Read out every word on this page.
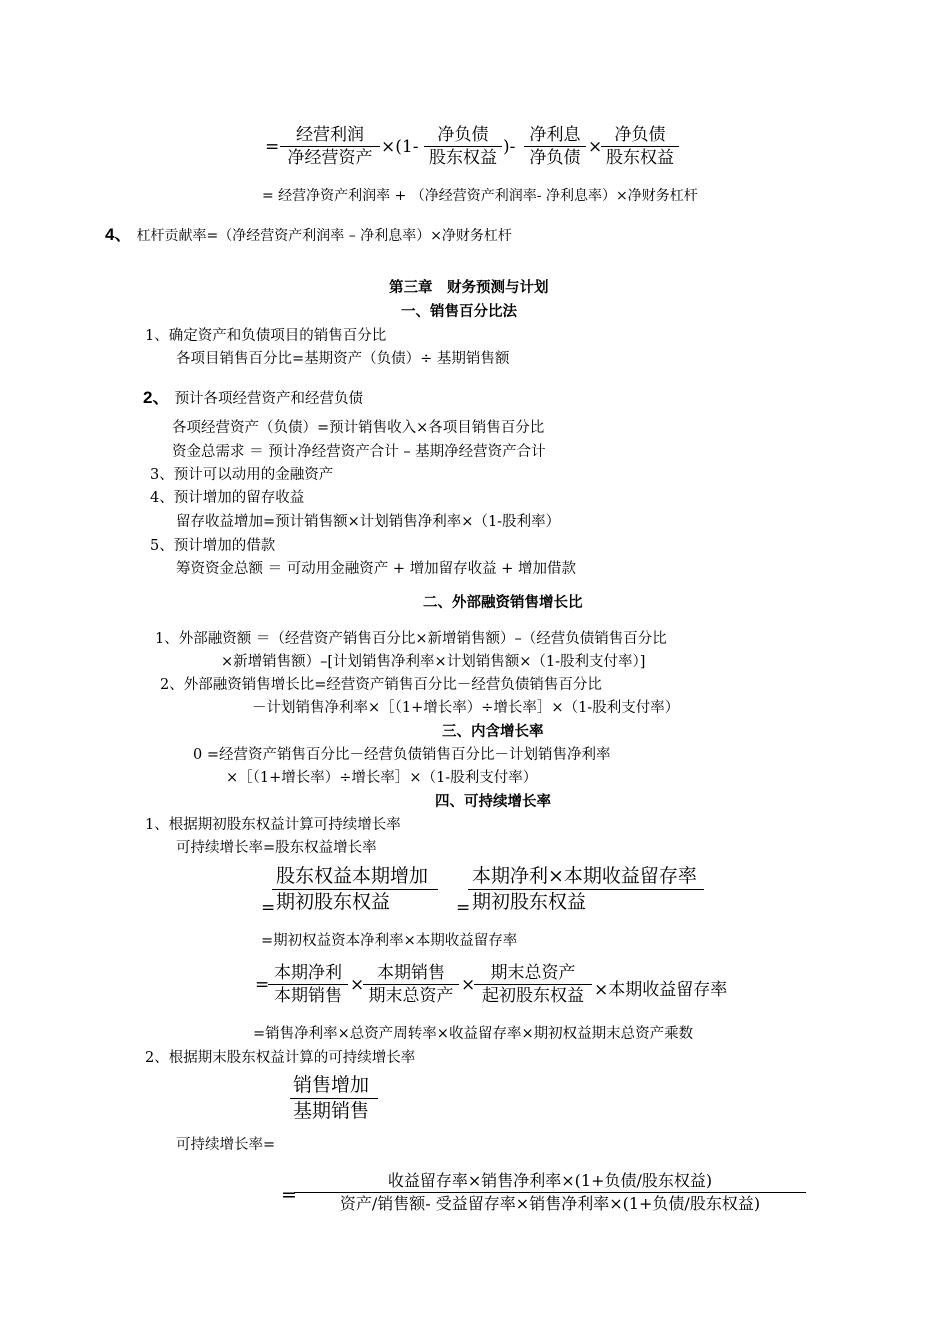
=
经营利润
净经营资产
×(1-
净负债
股东权益
)-
净利息
净负债
×
净负债
股东权益
= 经营净资产利润率 + （净经营资产利润率- 净利息率）×净财务杠杆
4、 杠杆贡献率=（净经营资产利润率 – 净利息率）×净财务杠杆
第三章　财务预测与计划
一、销售百分比法
1、确定资产和负债项目的销售百分比
各项目销售百分比=基期资产（负债）÷ 基期销售额
2、 预计各项经营资产和经营负债
各项经营资产（负债）=预计销售收入×各项目销售百分比
资金总需求 ＝ 预计净经营资产合计 – 基期净经营资产合计
3、预计可以动用的金融资产
4、预计增加的留存收益
留存收益增加=预计销售额×计划销售净利率×（1-股利率）
5、预计增加的借款
筹资资金总额 ＝ 可动用金融资产 + 增加留存收益 + 增加借款
二、外部融资销售增长比
1、外部融资额 ＝（经营资产销售百分比×新增销售额）–（经营负债销售百分比
×新增销售额）–[计划销售净利率×计划销售额×（1-股利支付率）]
2、外部融资销售增长比=经营资产销售百分比－经营负债销售百分比
－计划销售净利率×［（1+增长率）÷增长率］×（1-股利支付率）
三、内含增长率
0 =经营资产销售百分比－经营负债销售百分比－计划销售净利率
×［（1+增长率）÷增长率］×（1-股利支付率）
四、可持续增长率
1、根据期初股东权益计算可持续增长率
可持续增长率=股东权益增长率
=
股东权益本期增加
期初股东权益	=
本期净利×本期收益留存率
期初股东权益
=期初权益资本净利率×本期收益留存率
=
本期净利
本期销售
×
本期销售
期末总资产
×
期末总资产
起初股东权益 ×本期收益留存率
=销售净利率×总资产周转率×收益留存率×期初权益期末总资产乘数
2、根据期末股东权益计算的可持续增长率
销售增加
基期销售
可持续增长率=
=
收益留存率×销售净利率×(1+负债/股东权益)
资产/销售额- 受益留存率×销售净利率×(1+负债/股东权益)
